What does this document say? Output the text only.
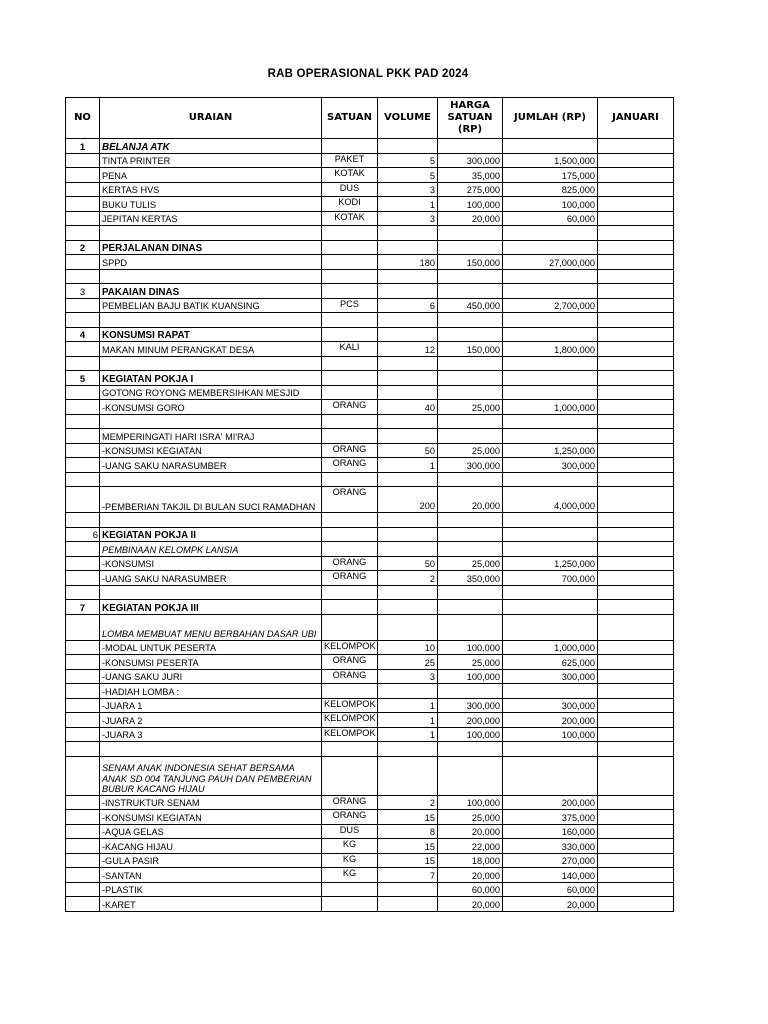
RAB OPERASIONAL PKK PAD 2024
NO	URAIAN	SATUAN	VOLUME	HARGA SATUAN (RP)	JUMLAH (RP)	JANUARI
1	BELANJA ATK					
	TINTA PRINTER	PAKET	5	300,000	1,500,000	
	PENA	KOTAK	5	35,000	175,000	
	KERTAS HVS	DUS	3	275,000	825,000	
	BUKU TULIS	KODI	1	100,000	100,000	
	JEPITAN KERTAS	KOTAK	3	20,000	60,000	

2	PERJALANAN DINAS					
	SPPD		180	150,000	27,000,000	

3	PAKAIAN DINAS					
	PEMBELIAN BAJU BATIK KUANSING	PCS	6	450,000	2,700,000	

4	KONSUMSI RAPAT					
	MAKAN MINUM PERANGKAT DESA	KALI	12	150,000	1,800,000	

5	KEGIATAN POKJA I					
	GOTONG ROYONG MEMBERSIHKAN MESJID					
	-KONSUMSI GORO	ORANG	40	25,000	1,000,000	

	MEMPERINGATI HARI ISRA' MI'RAJ					
	-KONSUMSI KEGIATAN	ORANG	50	25,000	1,250,000	
	-UANG SAKU NARASUMBER	ORANG	1	300,000	300,000	

	-PEMBERIAN TAKJIL DI BULAN SUCI RAMADHAN	ORANG	200	20,000	4,000,000	

6	KEGIATAN POKJA II					
	PEMBINAAN KELOMPK LANSIA					
	-KONSUMSI	ORANG	50	25,000	1,250,000	
	-UANG SAKU NARASUMBER	ORANG	2	350,000	700,000	

7	KEGIATAN POKJA III					
	LOMBA MEMBUAT MENU BERBAHAN DASAR UBI					
	-MODAL UNTUK PESERTA	KELOMPOK	10	100,000	1,000,000	
	-KONSUMSI PESERTA	ORANG	25	25,000	625,000	
	-UANG SAKU JURI	ORANG	3	100,000	300,000	
	-HADIAH LOMBA :					
	-JUARA 1	KELOMPOK	1	300,000	300,000	
	-JUARA 2	KELOMPOK	1	200,000	200,000	
	-JUARA 3	KELOMPOK	1	100,000	100,000	

	SENAM ANAK INDONESIA SEHAT BERSAMA ANAK SD 004 TANJUNG PAUH DAN PEMBERIAN BUBUR KACANG HIJAU					
	-INSTRUKTUR SENAM	ORANG	2	100,000	200,000	
	-KONSUMSI KEGIATAN	ORANG	15	25,000	375,000	
	-AQUA GELAS	DUS	8	20,000	160,000	
	-KACANG HIJAU	KG	15	22,000	330,000	
	-GULA PASIR	KG	15	18,000	270,000	
	-SANTAN	KG	7	20,000	140,000	
	-PLASTIK			60,000	60,000	
	-KARET			20,000	20,000	
